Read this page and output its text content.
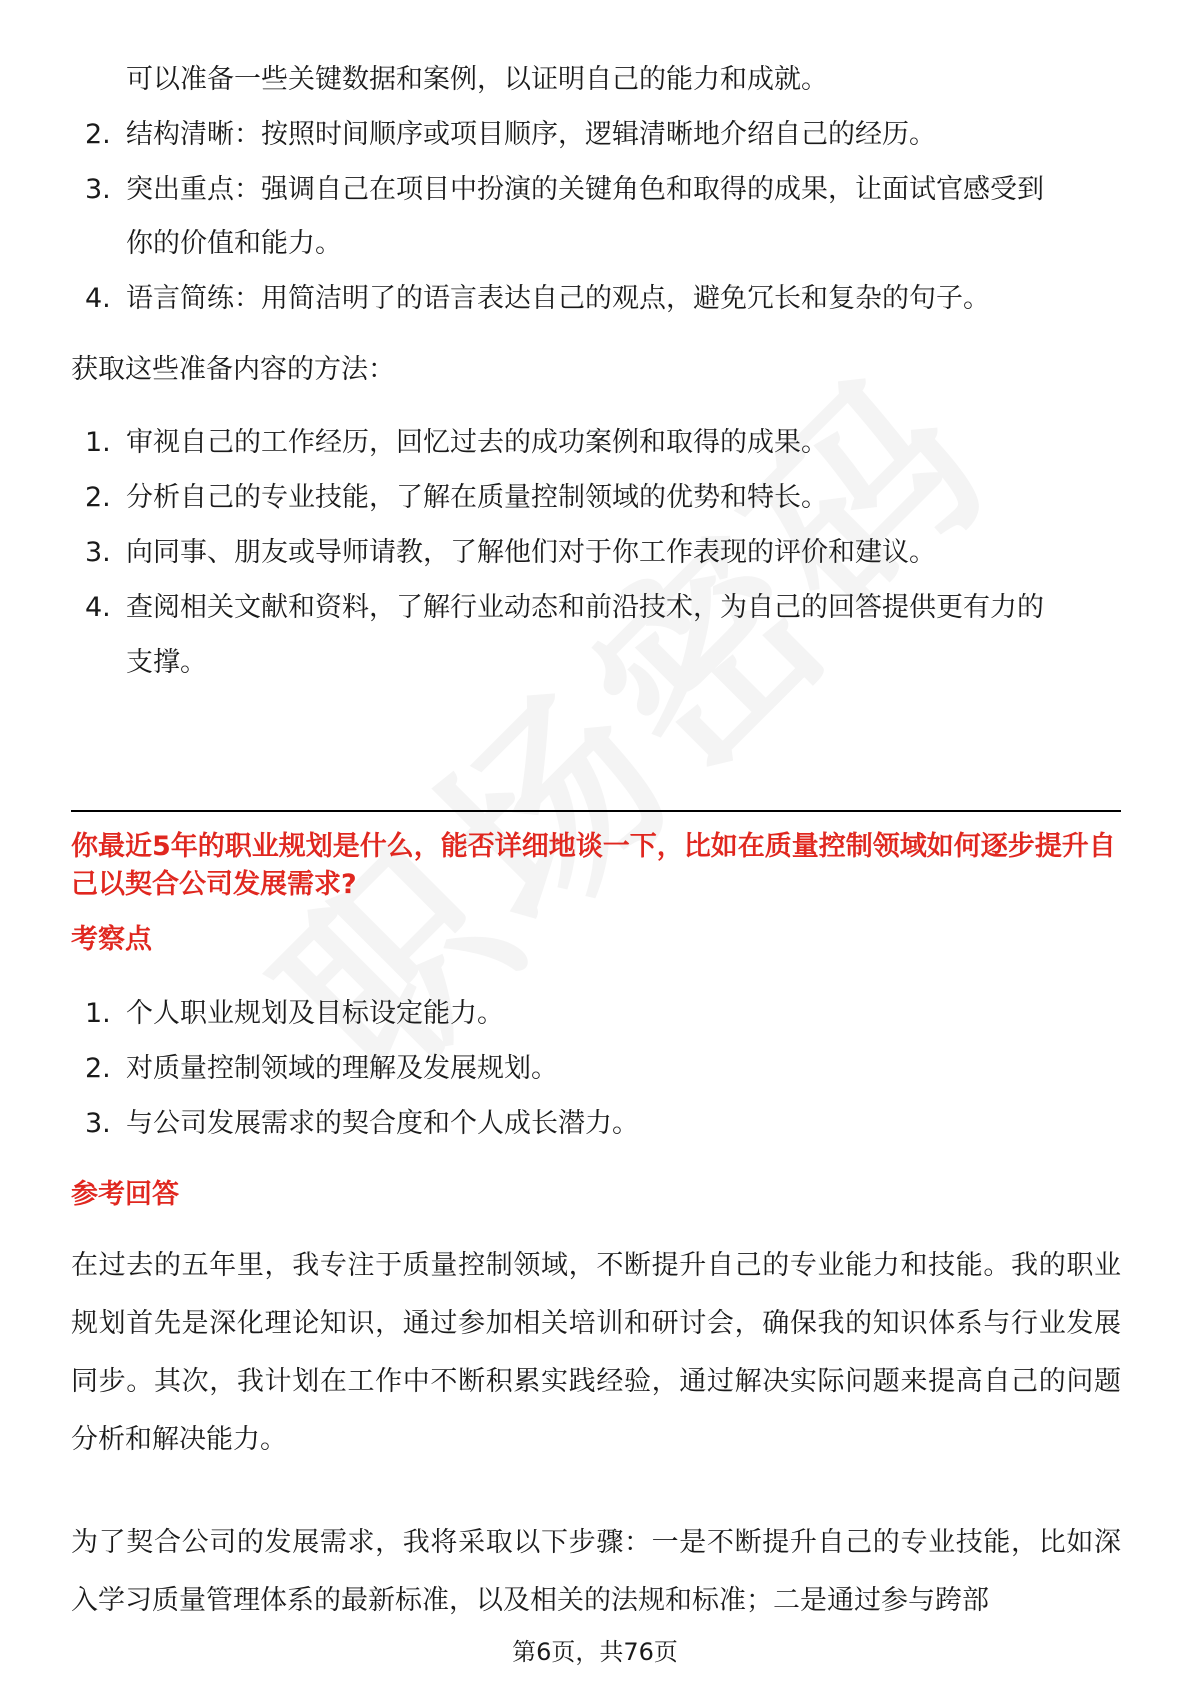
可以准备一些关键数据和案例，以证明自己的能力和成就。
2. 结构清晰：按照时间顺序或项目顺序，逻辑清晰地介绍自己的经历。
3. 突出重点：强调自己在项目中扮演的关键角色和取得的成果，让面试官感受到
你的价值和能力。
4. 语言简练：用简洁明了的语言表达自己的观点，避免冗长和复杂的句子。
获取这些准备内容的方法：
1. 审视自己的工作经历，回忆过去的成功案例和取得的成果。
2. 分析自己的专业技能，了解在质量控制领域的优势和特长。
3. 向同事、朋友或导师请教，了解他们对于你工作表现的评价和建议。
4. 查阅相关文献和资料，了解行业动态和前沿技术，为自己的回答提供更有力的
支撑。
你最近5年的职业规划是什么，能否详细地谈一下，比如在质量控制领域如何逐步提升自己以契合公司发展需求?
考察点
1. 个人职业规划及目标设定能力。
2. 对质量控制领域的理解及发展规划。
3. 与公司发展需求的契合度和个人成长潜力。
参考回答
在过去的五年里，我专注于质量控制领域，不断提升自己的专业能力和技能。我的职业规划首先是深化理论知识，通过参加相关培训和研讨会，确保我的知识体系与行业发展同步。其次，我计划在工作中不断积累实践经验，通过解决实际问题来提高自己的问题分析和解决能力。
为了契合公司的发展需求，我将采取以下步骤：一是不断提升自己的专业技能，比如深入学习质量管理体系的最新标准，以及相关的法规和标准；二是通过参与跨部
第6页，共76页
